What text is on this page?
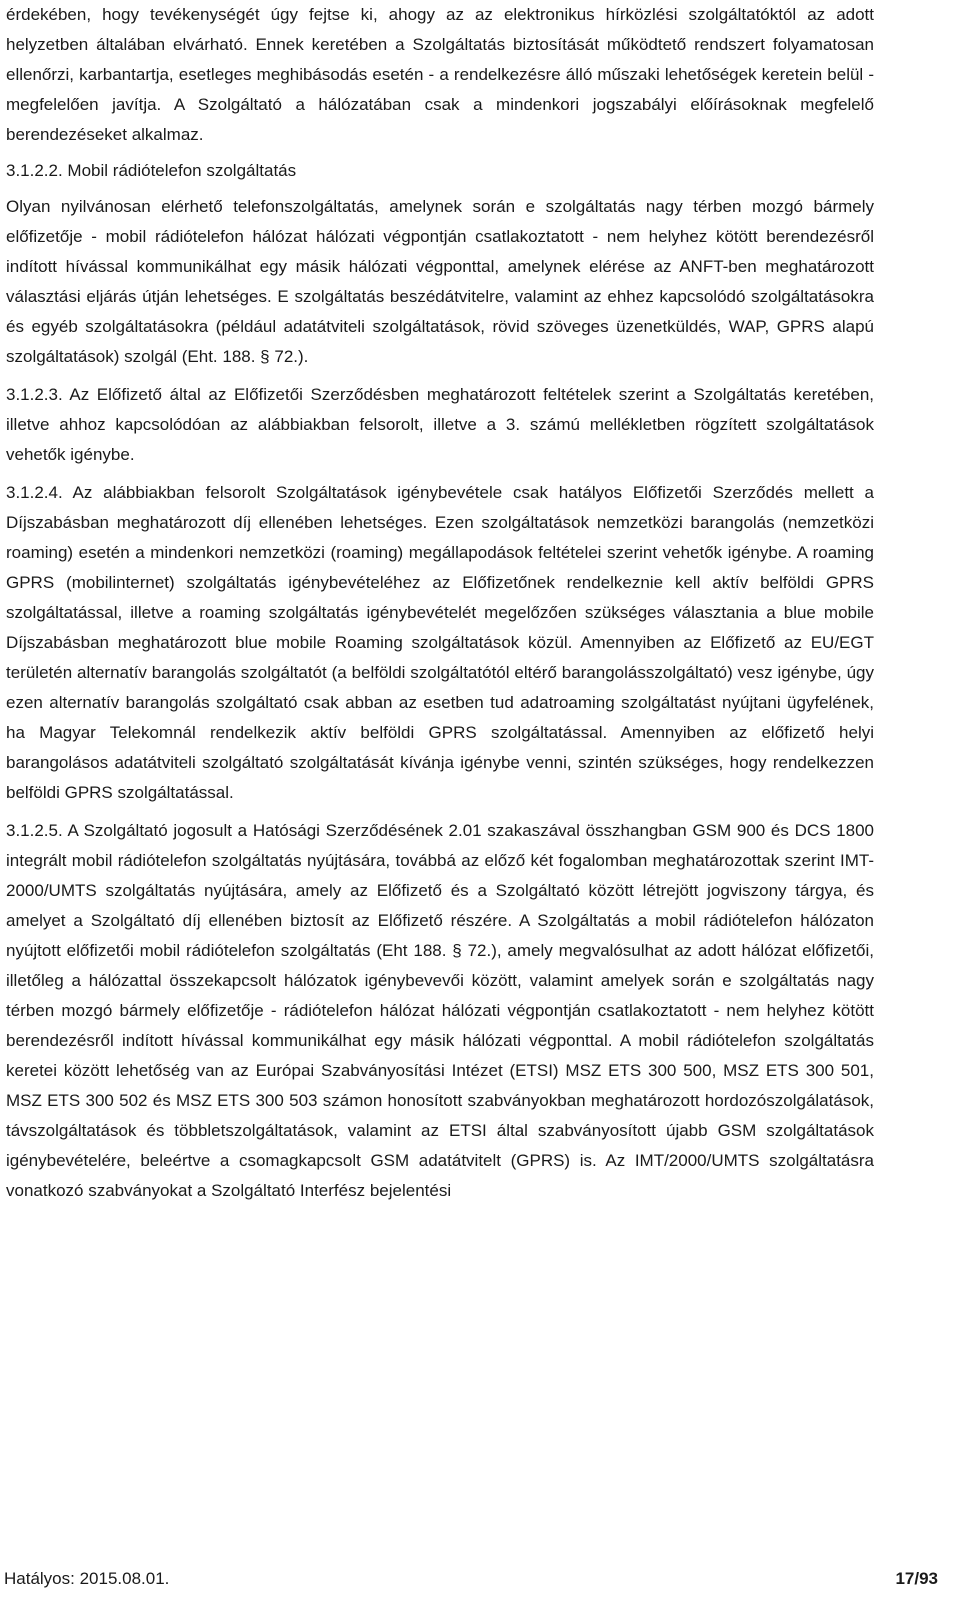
érdekében, hogy tevékenységét úgy fejtse ki, ahogy az az elektronikus hírközlési szolgáltatóktól az adott helyzetben általában elvárható. Ennek keretében a Szolgáltatás biztosítását működtető rendszert folyamatosan ellenőrzi, karbantartja, esetleges meghibásodás esetén - a rendelkezésre álló műszaki lehetőségek keretein belül - megfelelően javítja. A Szolgáltató a hálózatában csak a mindenkori jogszabályi előírásoknak megfelelő berendezéseket alkalmaz.

3.1.2.2. Mobil rádiótelefon szolgáltatás

Olyan nyilvánosan elérhető telefonszolgáltatás, amelynek során e szolgáltatás nagy térben mozgó bármely előfizetője - mobil rádiótelefon hálózat hálózati végpontján csatlakoztatott - nem helyhez kötött berendezésről indított hívással kommunikálhat egy másik hálózati végponttal, amelynek elérése az ANFT-ben meghatározott választási eljárás útján lehetséges. E szolgáltatás beszédátvitelre, valamint az ehhez kapcsolódó szolgáltatásokra és egyéb szolgáltatásokra (például adatátviteli szolgáltatások, rövid szöveges üzenetküldés, WAP, GPRS alapú szolgáltatások) szolgál (Eht. 188. § 72.).

3.1.2.3. Az Előfizető által az Előfizetői Szerződésben meghatározott feltételek szerint a Szolgáltatás keretében, illetve ahhoz kapcsolódóan az alábbiakban felsorolt, illetve a 3. számú mellékletben rögzített szolgáltatások vehetők igénybe.

3.1.2.4. Az alábbiakban felsorolt Szolgáltatások igénybevétele csak hatályos Előfizetői Szerződés mellett a Díjszabásban meghatározott díj ellenében lehetséges. Ezen szolgáltatások nemzetközi barangolás (nemzetközi roaming) esetén a mindenkori nemzetközi (roaming) megállapodások feltételei szerint vehetők igénybe. A roaming GPRS (mobilinternet) szolgáltatás igénybevételéhez az Előfizetőnek rendelkeznie kell aktív belföldi GPRS szolgáltatással, illetve a roaming szolgáltatás igénybevételét megelőzően szükséges választania a blue mobile Díjszabásban meghatározott blue mobile Roaming szolgáltatások közül. Amennyiben az Előfizető az EU/EGT területén alternatív barangolás szolgáltatót (a belföldi szolgáltatótól eltérő barangolásszolgáltató) vesz igénybe, úgy ezen alternatív barangolás szolgáltató csak abban az esetben tud adatroaming szolgáltatást nyújtani ügyfelének, ha Magyar Telekomnál rendelkezik aktív belföldi GPRS szolgáltatással. Amennyiben az előfizető helyi barangolásos adatátviteli szolgáltató szolgáltatását kívánja igénybe venni, szintén szükséges, hogy rendelkezzen belföldi GPRS szolgáltatással.

3.1.2.5. A Szolgáltató jogosult a Hatósági Szerződésének 2.01 szakaszával összhangban GSM 900 és DCS 1800 integrált mobil rádiótelefon szolgáltatás nyújtására, továbbá az előző két fogalomban meghatározottak szerint IMT- 2000/UMTS szolgáltatás nyújtására, amely az Előfizető és a Szolgáltató között létrejött jogviszony tárgya, és amelyet a Szolgáltató díj ellenében biztosít az Előfizető részére. A Szolgáltatás a mobil rádiótelefon hálózaton nyújtott előfizetői mobil rádiótelefon szolgáltatás (Eht 188. § 72.), amely megvalósulhat az adott hálózat előfizetői, illetőleg a hálózattal összekapcsolt hálózatok igénybevevői között, valamint amelyek során e szolgáltatás nagy térben mozgó bármely előfizetője - rádiótelefon hálózat hálózati végpontján csatlakoztatott - nem helyhez kötött berendezésről indított hívással kommunikálhat egy másik hálózati végponttal. A mobil rádiótelefon szolgáltatás keretei között lehetőség van az Európai Szabványosítási Intézet (ETSI) MSZ ETS 300 500, MSZ ETS 300 501, MSZ ETS 300 502 és MSZ ETS 300 503 számon honosított szabványokban meghatározott hordozószolgálatások, távszolgáltatások és többletszolgáltatások, valamint az ETSI által szabványosított újabb GSM szolgáltatások igénybevételére, beleértve a csomagkapcsolt GSM adatátvitelt (GPRS) is. Az IMT/2000/UMTS szolgáltatásra vonatkozó szabványokat a Szolgáltató Interfész bejelentési

Hatályos: 2015.08.01.	17/93
